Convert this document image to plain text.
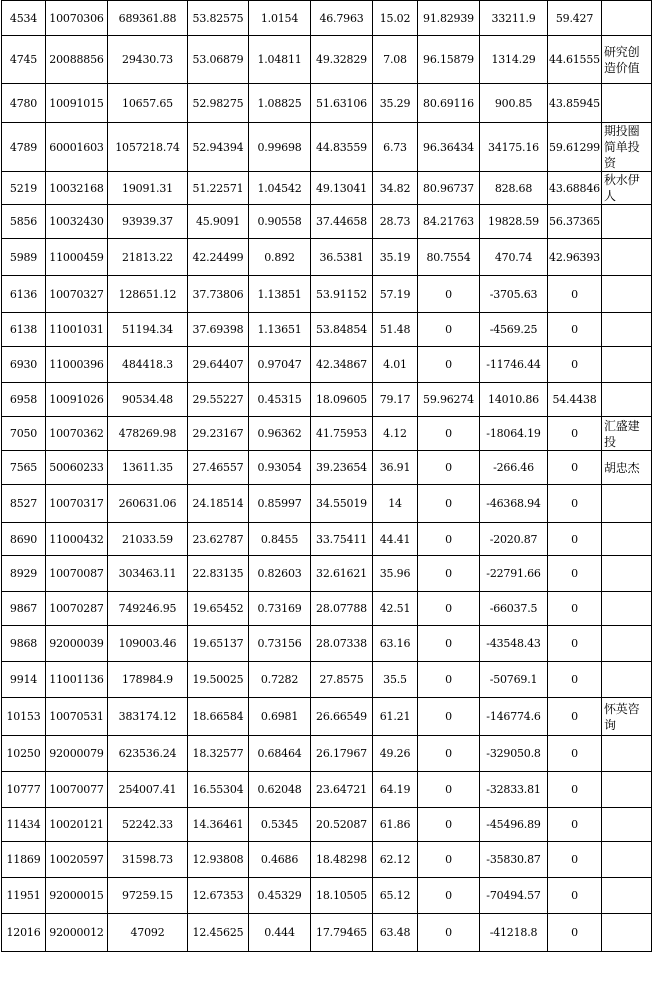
4534	10070306	689361.88	53.82575	1.0154	46.7963	15.02	91.82939	33211.9	59.427	
4745	20088856	29430.73	53.06879	1.04811	49.32829	7.08	96.15879	1314.29	44.61555	研究创造价值
4780	10091015	10657.65	52.98275	1.08825	51.63106	35.29	80.69116	900.85	43.85945	
4789	60001603	1057218.74	52.94394	0.99698	44.83559	6.73	96.36434	34175.16	59.61299	期投圈简单投资
5219	10032168	19091.31	51.22571	1.04542	49.13041	34.82	80.96737	828.68	43.68846	秋水伊人
5856	10032430	93939.37	45.9091	0.90558	37.44658	28.73	84.21763	19828.59	56.37365	
5989	11000459	21813.22	42.24499	0.892	36.5381	35.19	80.7554	470.74	42.96393	
6136	10070327	128651.12	37.73806	1.13851	53.91152	57.19	0	-3705.63	0	
6138	11001031	51194.34	37.69398	1.13651	53.84854	51.48	0	-4569.25	0	
6930	11000396	484418.3	29.64407	0.97047	42.34867	4.01	0	-11746.44	0	
6958	10091026	90534.48	29.55227	0.45315	18.09605	79.17	59.96274	14010.86	54.4438	
7050	10070362	478269.98	29.23167	0.96362	41.75953	4.12	0	-18064.19	0	汇盛建投
7565	50060233	13611.35	27.46557	0.93054	39.23654	36.91	0	-266.46	0	胡忠杰
8527	10070317	260631.06	24.18514	0.85997	34.55019	14	0	-46368.94	0	
8690	11000432	21033.59	23.62787	0.8455	33.75411	44.41	0	-2020.87	0	
8929	10070087	303463.11	22.83135	0.82603	32.61621	35.96	0	-22791.66	0	
9867	10070287	749246.95	19.65452	0.73169	28.07788	42.51	0	-66037.5	0	
9868	92000039	109003.46	19.65137	0.73156	28.07338	63.16	0	-43548.43	0	
9914	11001136	178984.9	19.50025	0.7282	27.8575	35.5	0	-50769.1	0	
10153	10070531	383174.12	18.66584	0.6981	26.66549	61.21	0	-146774.6	0	怀英咨询
10250	92000079	623536.24	18.32577	0.68464	26.17967	49.26	0	-329050.8	0	
10777	10070077	254007.41	16.55304	0.62048	23.64721	64.19	0	-32833.81	0	
11434	10020121	52242.33	14.36461	0.5345	20.52087	61.86	0	-45496.89	0	
11869	10020597	31598.73	12.93808	0.4686	18.48298	62.12	0	-35830.87	0	
11951	92000015	97259.15	12.67353	0.45329	18.10505	65.12	0	-70494.57	0	
12016	92000012	47092	12.45625	0.444	17.79465	63.48	0	-41218.8	0	
